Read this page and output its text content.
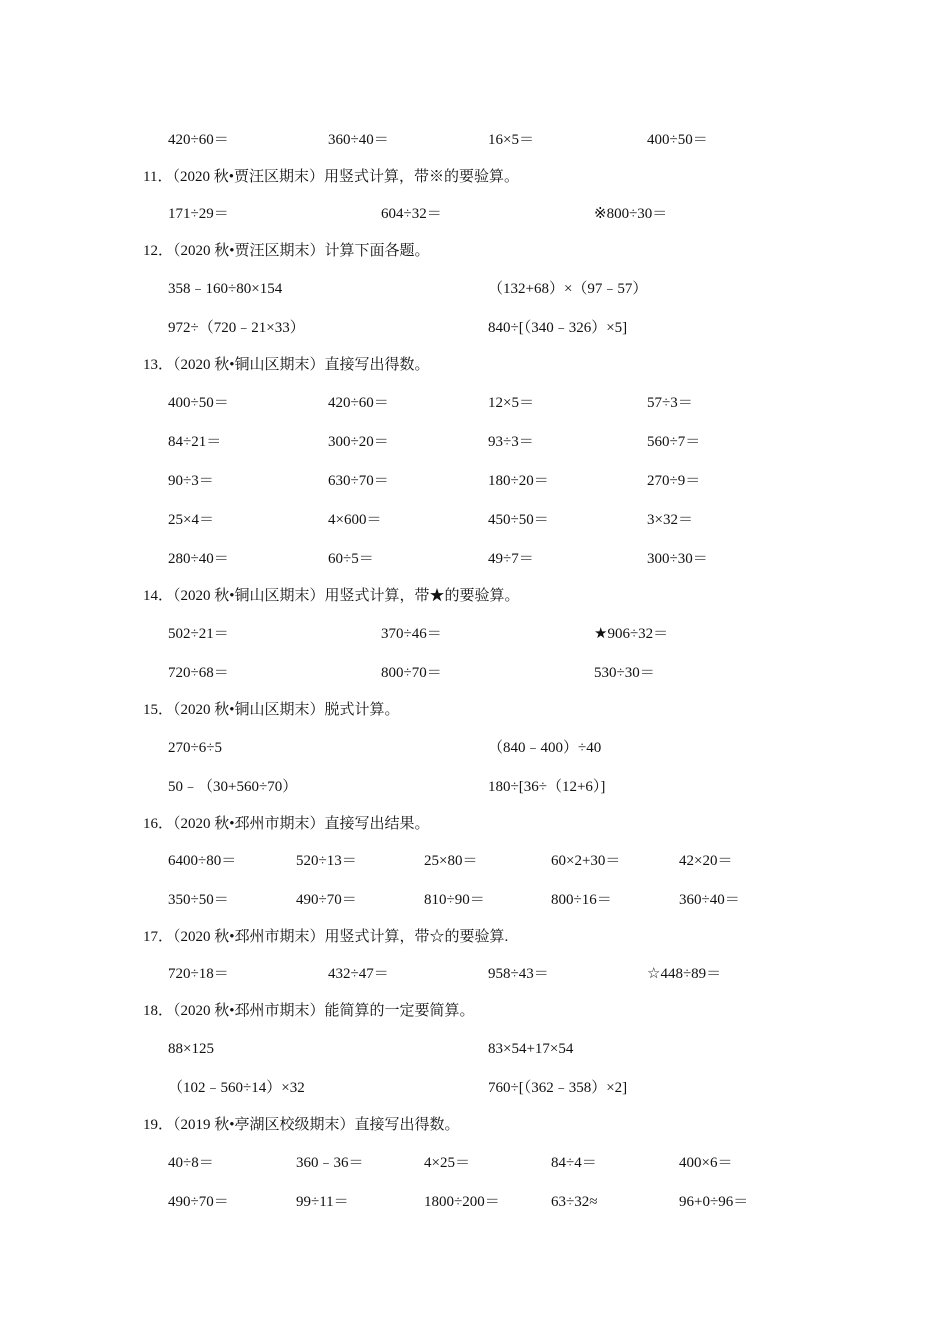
420÷60＝	360÷40＝	16×5＝	400÷50＝
11．（2020 秋•贾汪区期末）用竖式计算，带※的要验算。
171÷29＝	604÷32＝	※800÷30＝
12．（2020 秋•贾汪区期末）计算下面各题。
358﹣160÷80×154	（132+68）×（97﹣57）
972÷（720﹣21×33）	840÷[（340﹣326）×5]
13．（2020 秋•铜山区期末）直接写出得数。
400÷50＝	420÷60＝	12×5＝	57÷3＝
84÷21＝	300÷20＝	93÷3＝	560÷7＝
90÷3＝	630÷70＝	180÷20＝	270÷9＝
25×4＝	4×600＝	450÷50＝	3×32＝
280÷40＝	60÷5＝	49÷7＝	300÷30＝
14．（2020 秋•铜山区期末）用竖式计算，带★的要验算。
502÷21＝	370÷46＝	★906÷32＝
720÷68＝	800÷70＝	530÷30＝
15．（2020 秋•铜山区期末）脱式计算。
270÷6÷5	（840﹣400）÷40
50﹣（30+560÷70）	180÷[36÷（12+6）]
16．（2020 秋•邳州市期末）直接写出结果。
6400÷80＝	520÷13＝	25×80＝	60×2+30＝	42×20＝
350÷50＝	490÷70＝	810÷90＝	800÷16＝	360÷40＝
17．（2020 秋•邳州市期末）用竖式计算，带☆的要验算.
720÷18＝	432÷47＝	958÷43＝	☆448÷89＝
18．（2020 秋•邳州市期末）能简算的一定要简算。
88×125	83×54+17×54
（102﹣560÷14）×32	760÷[（362﹣358）×2]
19．（2019 秋•亭湖区校级期末）直接写出得数。
40÷8＝	360﹣36＝	4×25＝	84÷4＝	400×6＝
490÷70＝	99÷11＝	1800÷200＝	63÷32≈	96+0÷96＝
